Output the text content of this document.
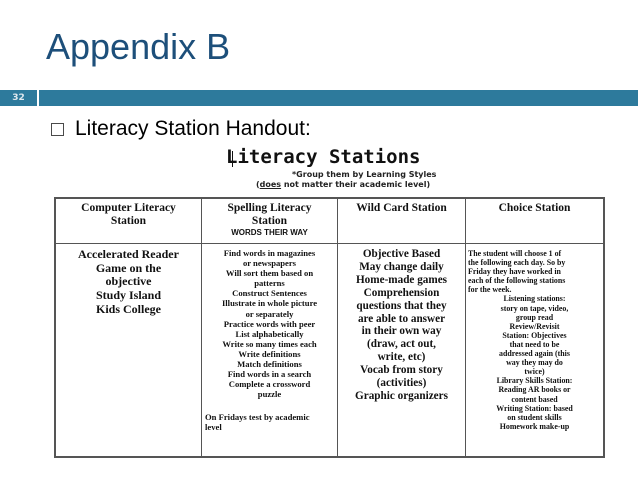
Appendix B
32
Literacy Station Handout:
Literacy Stations
*Group them by Learning Styles
(does not matter their academic level)
Computer Literacy
Station
Accelerated Reader
Game on the
objective
Study Island
Kids College
Spelling Literacy
Station
WORDS THEIR WAY
Find words in magazines
or newspapers
Will sort them based on
patterns
Construct Sentences
Illustrate in whole picture
or separately
Practice words with peer
List alphabetically
Write so many times each
Write definitions
Match definitions
Find words in a search
Complete a crossword
puzzle
On Fridays test by academic
level
Wild Card Station
Objective Based
May change daily
Home-made games
Comprehension
questions that they
are able to answer
in their own way
(draw, act out,
write, etc)
Vocab from story
(activities)
Graphic organizers
Choice Station
The student will choose 1 of
the following each day. So by
Friday they have worked in
each of the following stations
for the week.
Listening stations:
story on tape, video,
group read
Review/Revisit
Station: Objectives
that need to be
addressed again (this
way they may do
twice)
Library Skills Station:
Reading AR books or
content based
Writing Station: based
on student skills
Homework make-up
